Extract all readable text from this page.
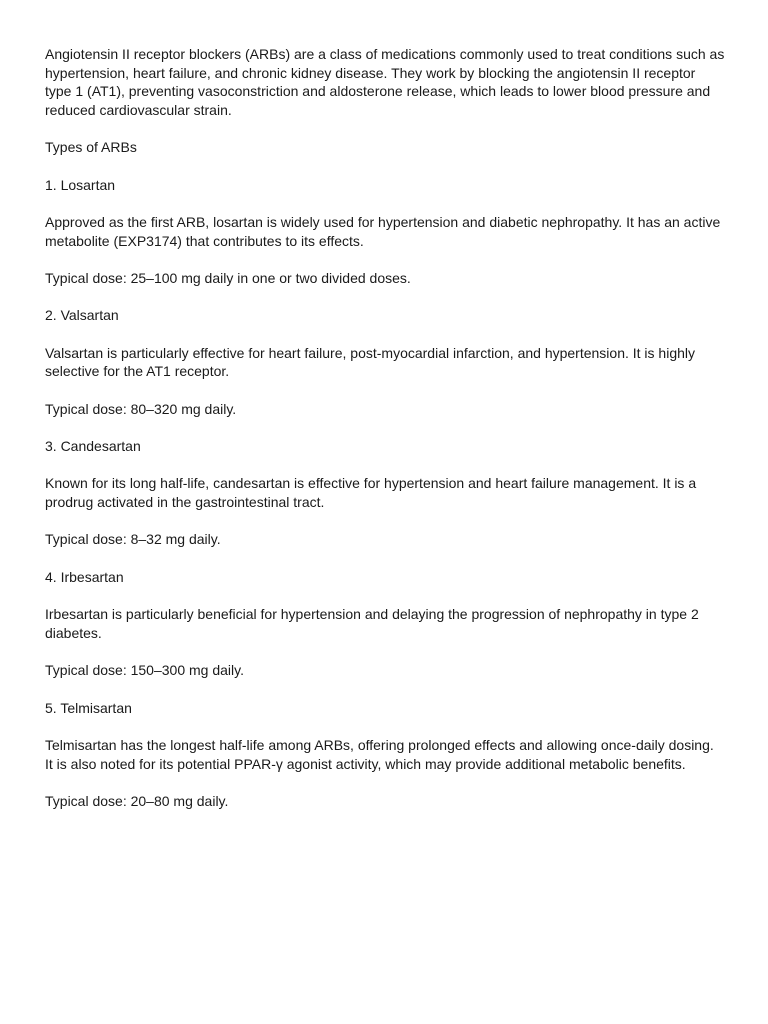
Angiotensin II receptor blockers (ARBs) are a class of medications commonly used to treat conditions such as hypertension, heart failure, and chronic kidney disease. They work by blocking the angiotensin II receptor type 1 (AT1), preventing vasoconstriction and aldosterone release, which leads to lower blood pressure and reduced cardiovascular strain.

Types of ARBs

1. Losartan

Approved as the first ARB, losartan is widely used for hypertension and diabetic nephropathy. It has an active metabolite (EXP3174) that contributes to its effects.

Typical dose: 25–100 mg daily in one or two divided doses.

2. Valsartan

Valsartan is particularly effective for heart failure, post-myocardial infarction, and hypertension. It is highly selective for the AT1 receptor.

Typical dose: 80–320 mg daily.

3. Candesartan

Known for its long half-life, candesartan is effective for hypertension and heart failure management. It is a prodrug activated in the gastrointestinal tract.

Typical dose: 8–32 mg daily.

4. Irbesartan

Irbesartan is particularly beneficial for hypertension and delaying the progression of nephropathy in type 2 diabetes.

Typical dose: 150–300 mg daily.

5. Telmisartan

Telmisartan has the longest half-life among ARBs, offering prolonged effects and allowing once-daily dosing. It is also noted for its potential PPAR-γ agonist activity, which may provide additional metabolic benefits.

Typical dose: 20–80 mg daily.
